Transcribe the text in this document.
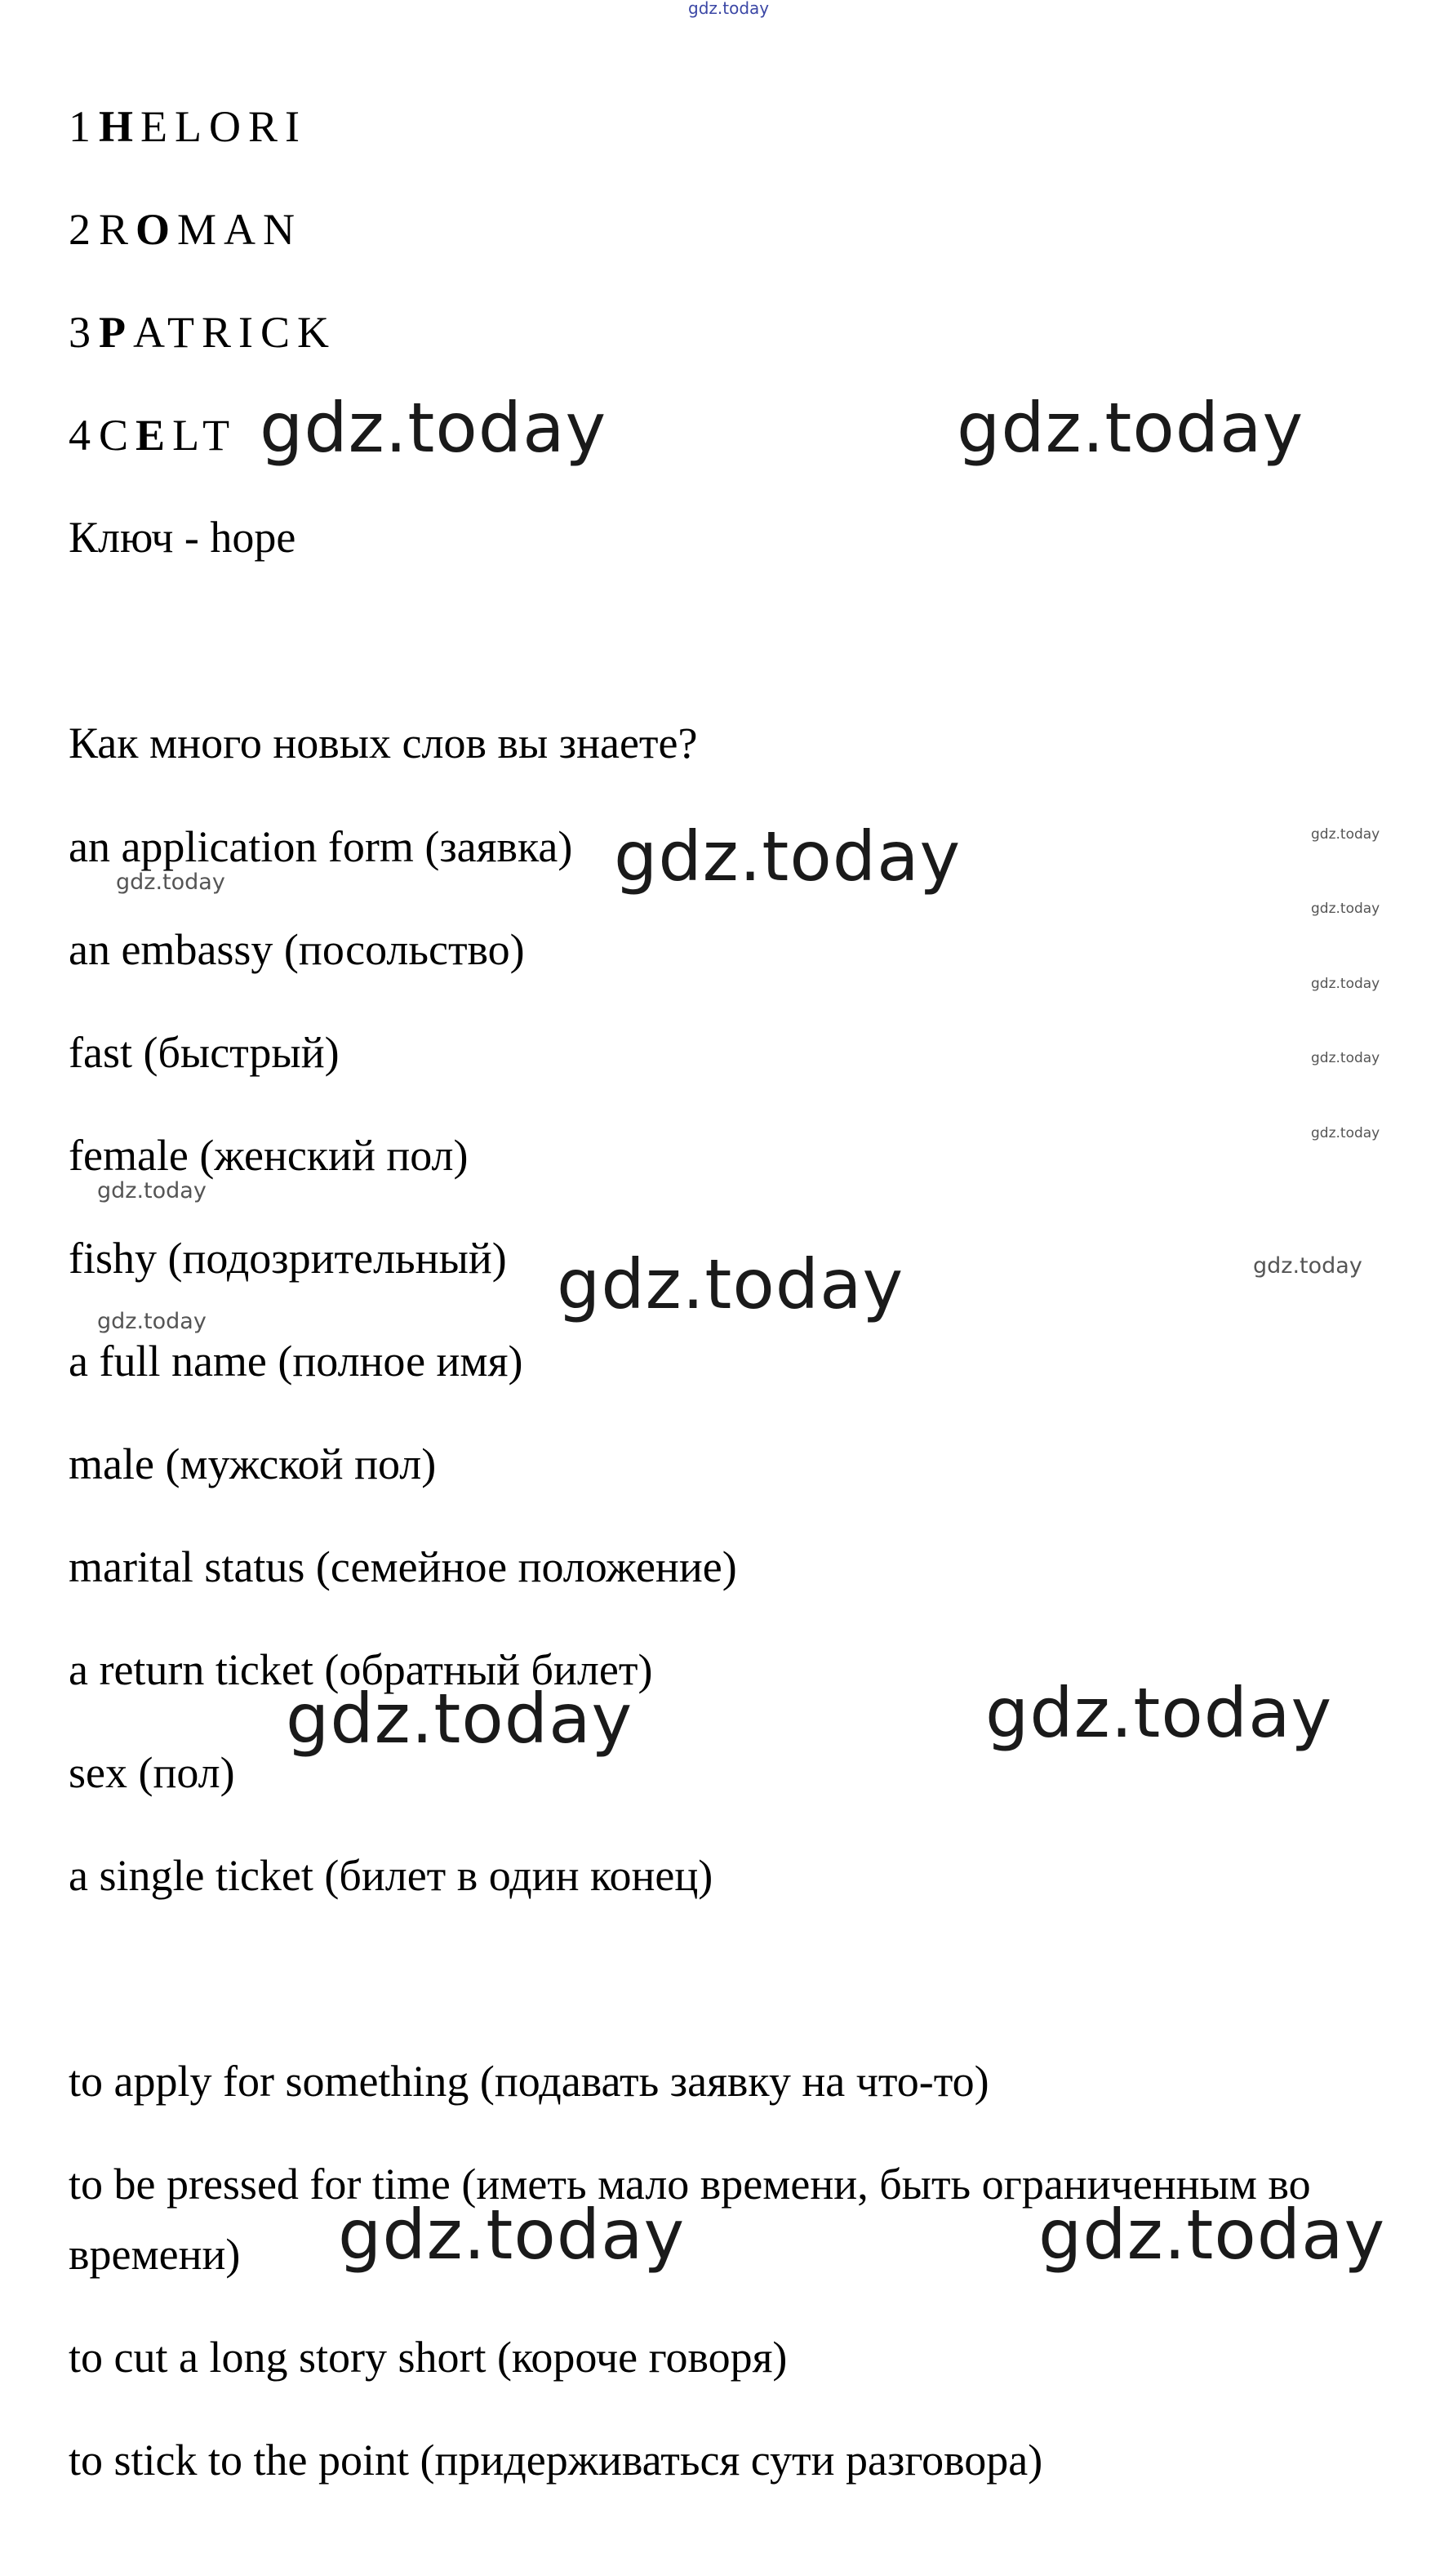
gdz.today
1 HELORI
2 ROMAN
3 PATRICK
4 CELT
Ключ - hope
Как много новых слов вы знаете?
an application form (заявка)
an embassy (посольство)
fast (быстрый)
female (женский пол)
fishy (подозрительный)
a full name (полное имя)
male (мужской пол)
marital status (семейное положение)
a return ticket (обратный билет)
sex (пол)
a single ticket (билет в один конец)
to apply for something (подавать заявку на что-то)
to be pressed for time (иметь мало времени, быть ограниченным во
времени)
to cut a long story short (короче говоря)
to stick to the point (придерживаться сути разговора)
gdz.today	gdz.today
gdz.today
gdz.today
gdz.today	gdz.today
gdz.today	gdz.today
gdz.today
gdz.today
gdz.today
gdz.today
gdz.today
gdz.today
gdz.today
gdz.today
gdz.today
